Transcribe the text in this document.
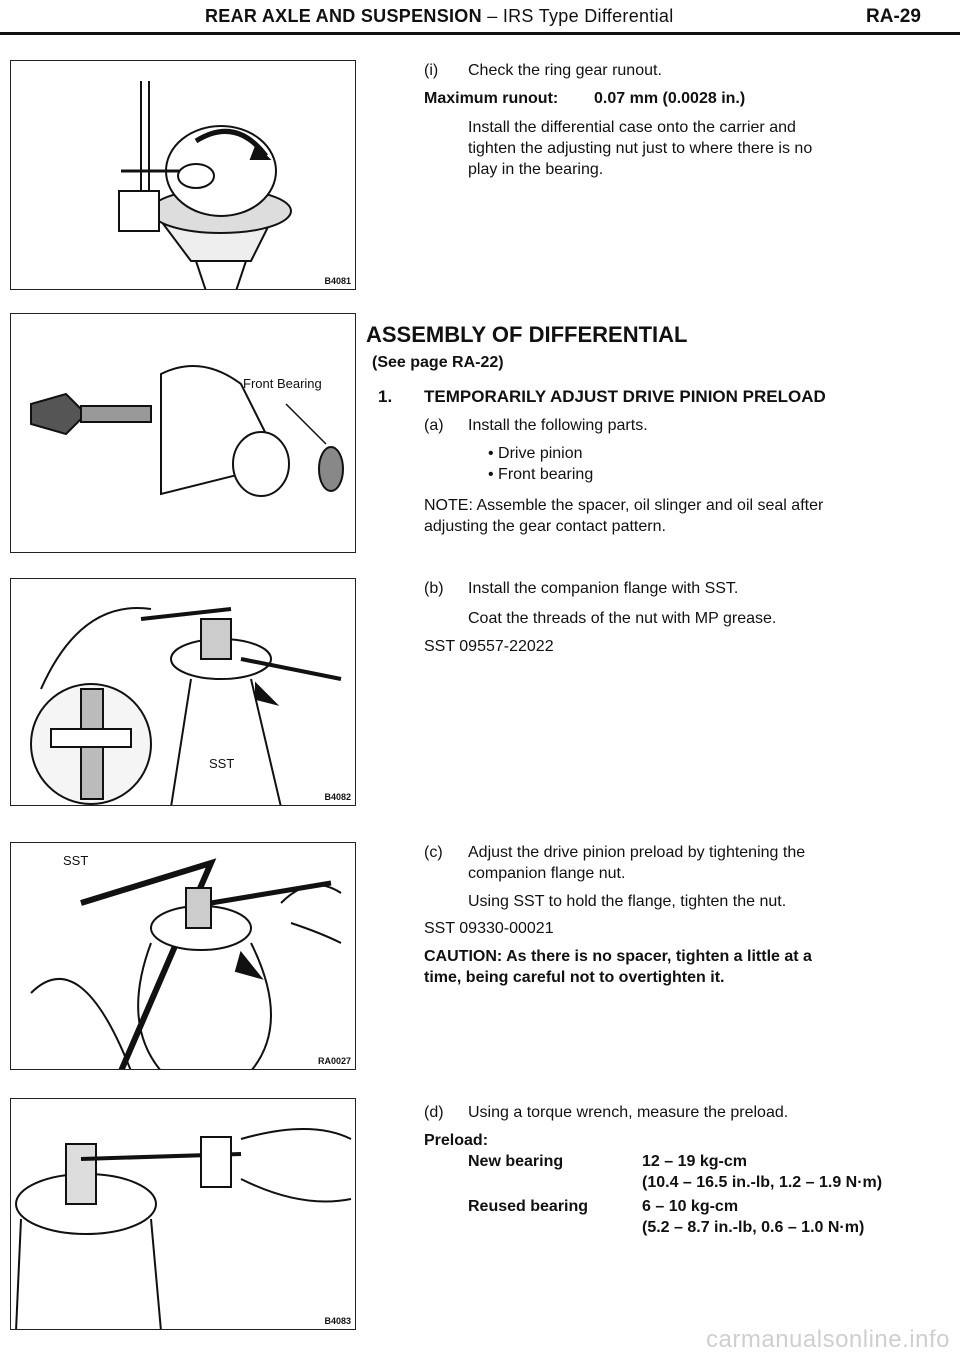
REAR AXLE AND SUSPENSION – IRS Type Differential	RA-29
B4081
Front Bearing
SST
B4082
SST
RA0027
B4083
(i) Check the ring gear runout.
Maximum runout: 0.07 mm (0.0028 in.)
Install the differential case onto the carrier and
tighten the adjusting nut just to where there is no
play in the bearing.
ASSEMBLY OF DIFFERENTIAL
(See page RA-22)
1. TEMPORARILY ADJUST DRIVE PINION PRELOAD
(a) Install the following parts.
• Drive pinion
• Front bearing
NOTE: Assemble the spacer, oil slinger and oil seal after
adjusting the gear contact pattern.
(b) Install the companion flange with SST.
Coat the threads of the nut with MP grease.
SST 09557-22022
(c) Adjust the drive pinion preload by tightening the
companion flange nut.
Using SST to hold the flange, tighten the nut.
SST 09330-00021
CAUTION: As there is no spacer, tighten a little at a
time, being careful not to overtighten it.
(d) Using a torque wrench, measure the preload.
Preload:
New bearing	12 – 19 kg-cm
(10.4 – 16.5 in.-lb, 1.2 – 1.9 N·m)
Reused bearing	6 – 10 kg-cm
(5.2 – 8.7 in.-lb, 0.6 – 1.0 N·m)
carmanualsonline.info
